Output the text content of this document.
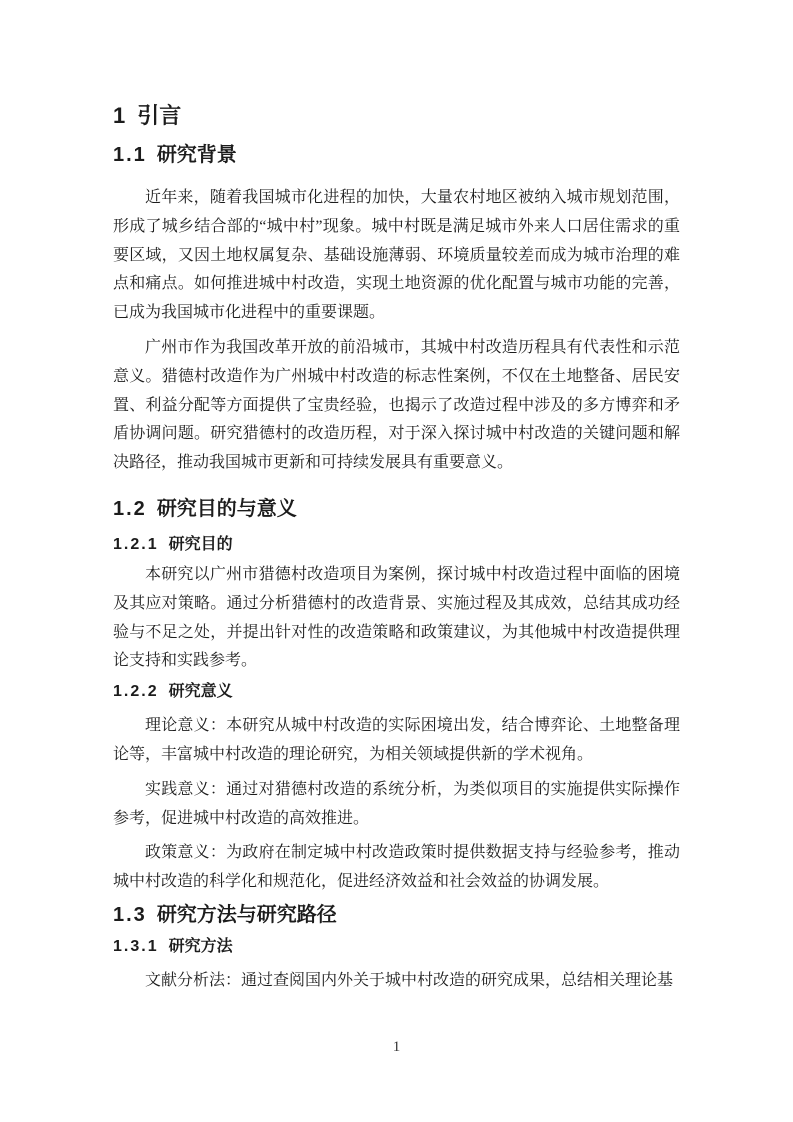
1 引言
1.1 研究背景

近年来，随着我国城市化进程的加快，大量农村地区被纳入城市规划范围，形成了城乡结合部的“城中村”现象。城中村既是满足城市外来人口居住需求的重要区域，又因土地权属复杂、基础设施薄弱、环境质量较差而成为城市治理的难点和痛点。如何推进城中村改造，实现土地资源的优化配置与城市功能的完善，已成为我国城市化进程中的重要课题。

广州市作为我国改革开放的前沿城市，其城中村改造历程具有代表性和示范意义。猎德村改造作为广州城中村改造的标志性案例，不仅在土地整备、居民安置、利益分配等方面提供了宝贵经验，也揭示了改造过程中涉及的多方博弈和矛盾协调问题。研究猎德村的改造历程，对于深入探讨城中村改造的关键问题和解决路径，推动我国城市更新和可持续发展具有重要意义。

1.2 研究目的与意义
1.2.1 研究目的

本研究以广州市猎德村改造项目为案例，探讨城中村改造过程中面临的困境及其应对策略。通过分析猎德村的改造背景、实施过程及其成效，总结其成功经验与不足之处，并提出针对性的改造策略和政策建议，为其他城中村改造提供理论支持和实践参考。

1.2.2 研究意义

理论意义：本研究从城中村改造的实际困境出发，结合博弈论、土地整备理论等，丰富城中村改造的理论研究，为相关领域提供新的学术视角。

实践意义：通过对猎德村改造的系统分析，为类似项目的实施提供实际操作参考，促进城中村改造的高效推进。

政策意义：为政府在制定城中村改造政策时提供数据支持与经验参考，推动城中村改造的科学化和规范化，促进经济效益和社会效益的协调发展。

1.3 研究方法与研究路径
1.3.1 研究方法

文献分析法：通过查阅国内外关于城中村改造的研究成果，总结相关理论基

1
